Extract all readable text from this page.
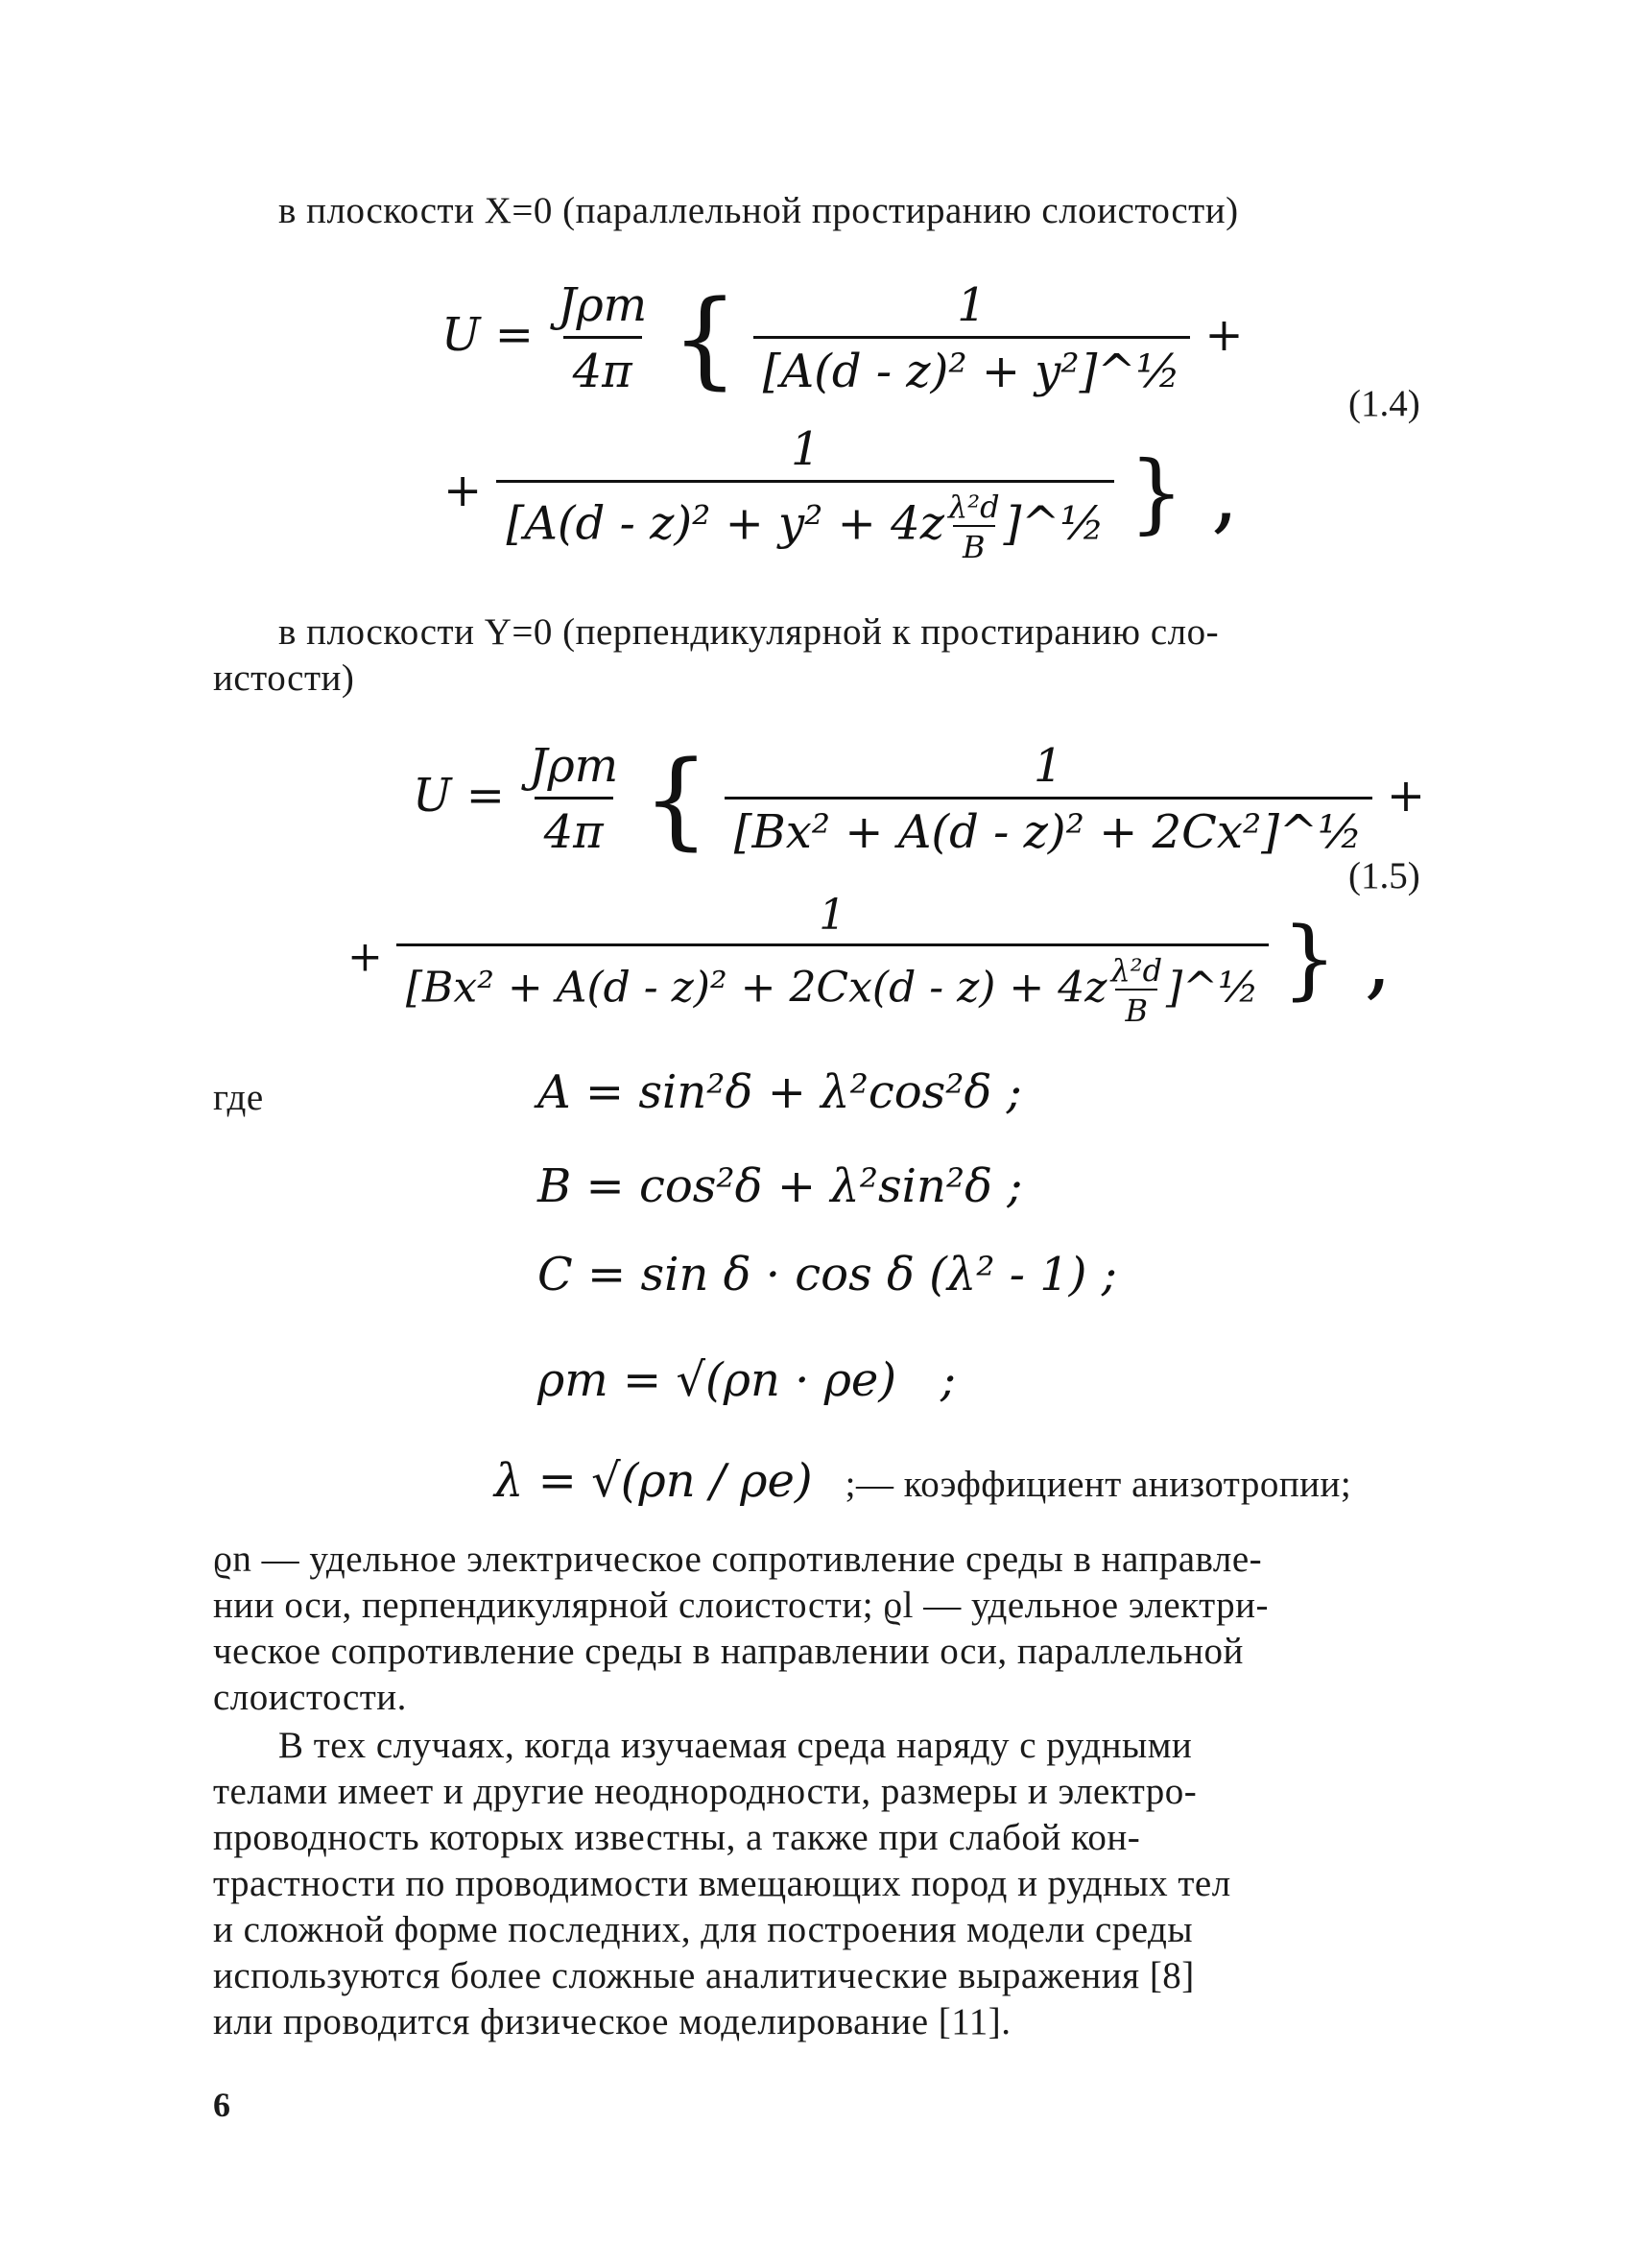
в плоскости X=0 (параллельной простиранию слоистости)
$U = \frac{\text{Jρm}}{4\pi}$ { $\frac{1}{\text{[A(d - z)² + y²]\textasciicircum{}½}}$ +
(1.4)
+ $\frac{1}{[A(d - z)^2 + y^2 + 4z \frac{\text{λ²d}}{B} ]\^{}\frac{1}{2}}$ } ,
в плоскости Y=0 (перпендикулярной к простиранию сло-
истости)
$U = \frac{\text{Jρm}}{4\pi}$ { $\frac{1}{\text{[Bx² + A(d - z)² + 2Cx²]\textasciicircum{}½}}$ +
(1.5)
+ $\frac{1}{[Bx^2 + A(d - z)^2 + 2Cx(d - z) + 4z \frac{\text{λ²d}}{B} ]\^{}\frac{1}{2}}$ } ,
где	A = sin²δ + λ²cos²δ ;
B = cos²δ + λ²sin²δ ;
C = sin δ · cos δ (λ² - 1) ;
ρm = √(ρn · ρe)   ;
λ = √(ρn / ρe) ;— коэффициент анизотропии;
ϱn — удельное электрическое сопротивление среды в направле-
нии оси, перпендикулярной слоистости; ϱl — удельное электри-
ческое сопротивление среды в направлении оси, параллельной
слоистости.
В тех случаях, когда изучаемая среда наряду с рудными
телами имеет и другие неоднородности, размеры и электро-
проводность которых известны, а также при слабой кон-
трастности по проводимости вмещающих пород и рудных тел
и сложной форме последних, для построения модели среды
используются более сложные аналитические выражения [8]
или проводится физическое моделирование [11].
6
